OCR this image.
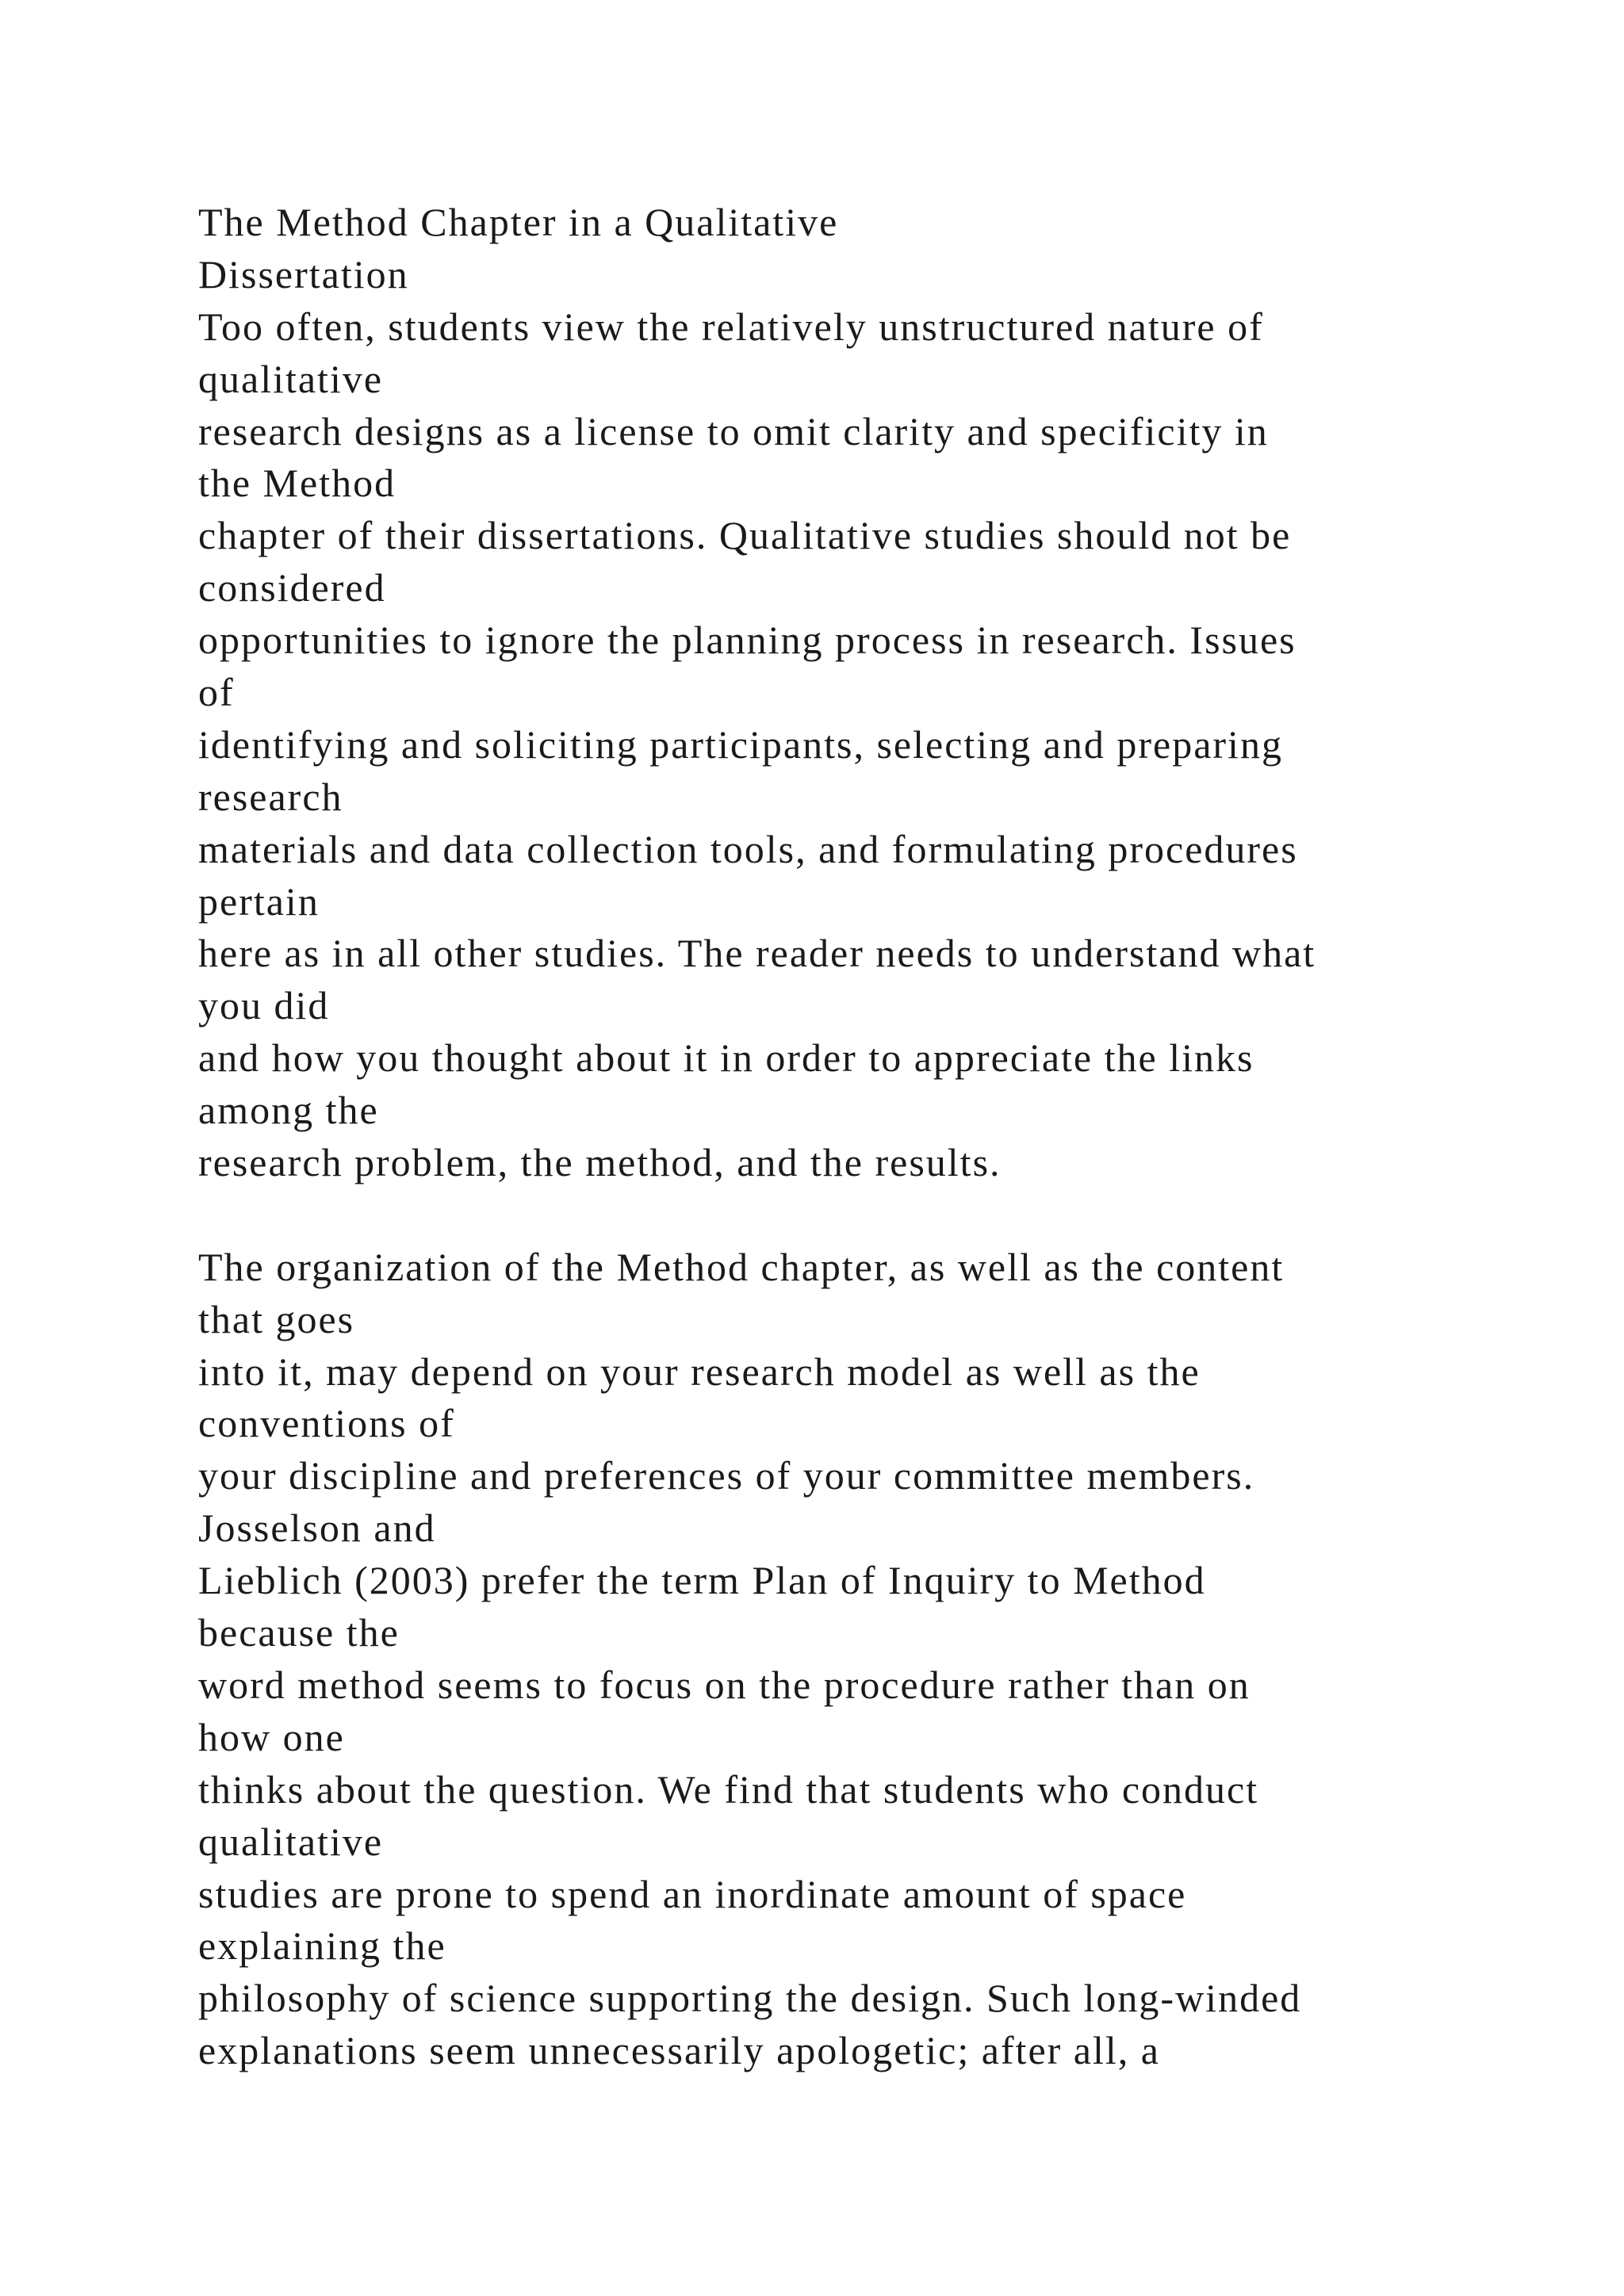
The Method Chapter in a Qualitative
Dissertation
Too often, students view the relatively unstructured nature of
qualitative
research designs as a license to omit clarity and specificity in
the Method
chapter of their dissertations. Qualitative studies should not be
considered
opportunities to ignore the planning process in research. Issues
of
identifying and soliciting participants, selecting and preparing
research
materials and data collection tools, and formulating procedures
pertain
here as in all other studies. The reader needs to understand what
you did
and how you thought about it in order to appreciate the links
among the
research problem, the method, and the results.
The organization of the Method chapter, as well as the content
that goes
into it, may depend on your research model as well as the
conventions of
your discipline and preferences of your committee members.
Josselson and
Lieblich (2003) prefer the term Plan of Inquiry to Method
because the
word method seems to focus on the procedure rather than on
how one
thinks about the question. We find that students who conduct
qualitative
studies are prone to spend an inordinate amount of space
explaining the
philosophy of science supporting the design. Such long-winded
explanations seem unnecessarily apologetic; after all, a
